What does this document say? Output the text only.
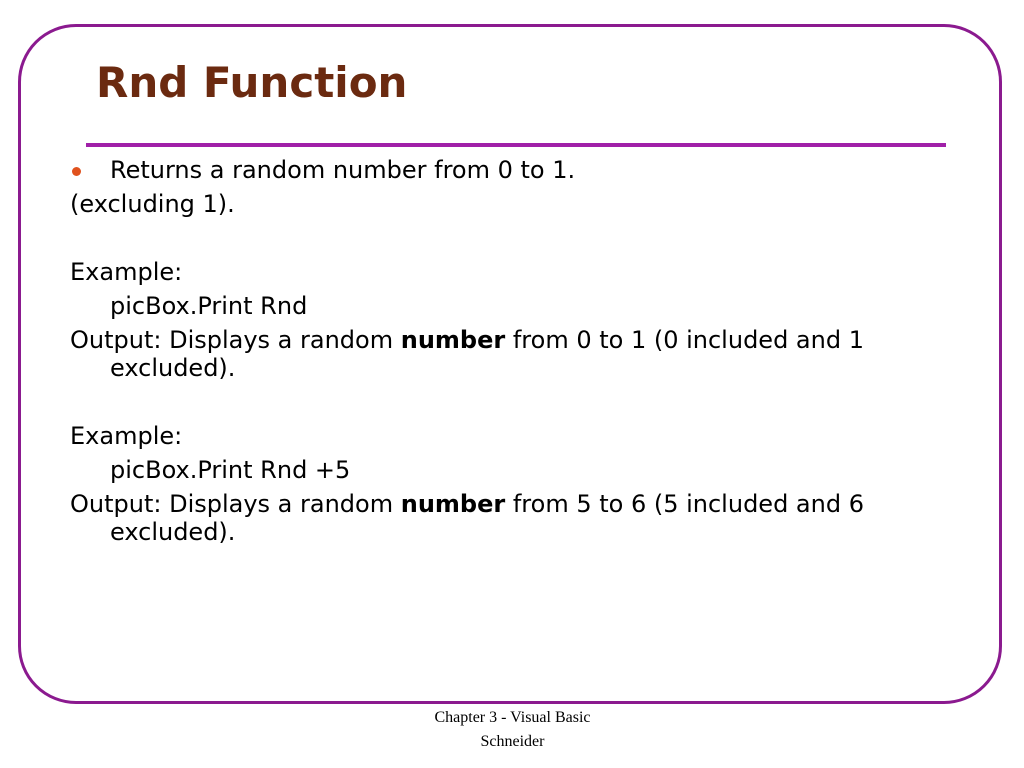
Rnd Function

Returns a random number from 0 to 1.

(excluding 1).

Example:

picBox.Print Rnd

Output: Displays a random number from 0 to 1 (0 included and 1 excluded).

Example:

picBox.Print Rnd +5

Output: Displays a random number from 5 to 6 (5 included and 6 excluded).

Chapter 3 - Visual Basic
Schneider
